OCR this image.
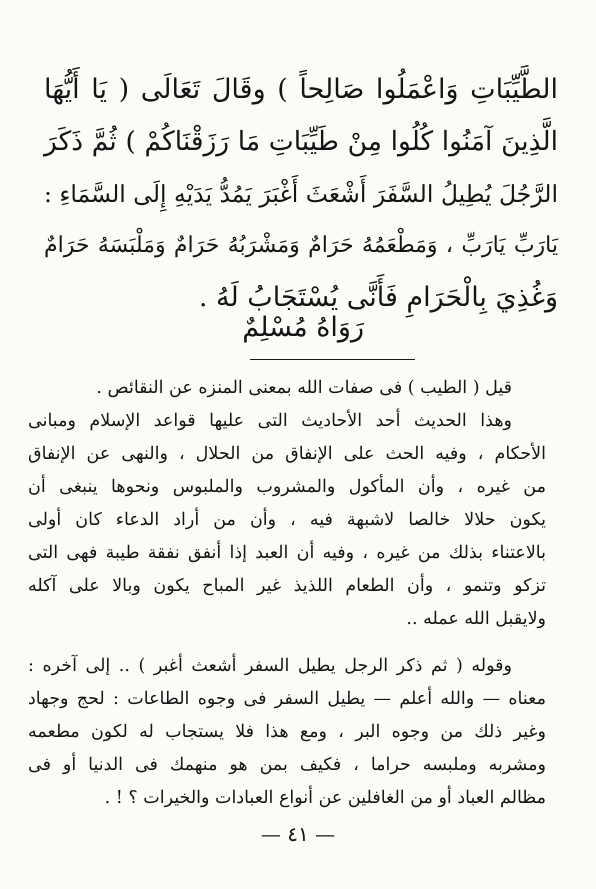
الطَّيِّبَاتِ وَاعْمَلُوا صَالِحاً ) وقَالَ تَعَالَى ( يَا أَيُّهَا
الَّذِينَ آمَنُوا كُلُوا مِنْ طَيِّبَاتِ مَا رَزَقْنَاكُمْ ) ثُمَّ ذَكَرَ
الرَّجُلَ يُطِيلُ السَّفَرَ أَشْعَثَ أَغْبَرَ يَمُدُّ يَدَيْهِ إِلَى السَّمَاءِ :
يَارَبِّ يَارَبِّ ، وَمَطْعَمُهُ حَرَامٌ وَمَشْرَبُهُ حَرَامٌ وَمَلْبَسَهُ حَرَامٌ
وَغُذِيَ بِالْحَرَامِ فَأَنَّى يُسْتَجَابُ لَهُ .
رَوَاهُ مُسْلِمٌ
قيل ( الطيب ) فى صفات الله بمعنى المنزه عن النقائص .
وهذا الحديث أحد الأحاديث التى عليها قواعد الإسلام ومبانى
الأحكام ، وفيه الحث على الإنفاق من الحلال ، والنهى عن الإنفاق
من غيره ، وأن المأكول والمشروب والملبوس ونحوها ينبغى أن
يكون حلالا خالصا لاشبهة فيه ، وأن من أراد الدعاء كان أولى
بالاعتناء بذلك من غيره ، وفيه أن العبد إذا أنفق نفقة طيبة فهى التى
تزكو وتنمو ، وأن الطعام اللذيذ غير المباح يكون وبالا على آكله
ولايقبل الله عمله ..
وقوله ( ثم ذكر الرجل يطيل السفر أشعث أغبر ) .. إلى آخره :
معناه — والله أعلم — يطيل السفر فى وجوه الطاعات : لحج وجهاد
وغير ذلك من وجوه البر ، ومع هذا فلا يستجاب له لكون مطعمه
ومشربه وملبسه حراما ، فكيف بمن هو منهمك فى الدنيا أو فى
مظالم العباد أو من الغافلين عن أنواع العبادات والخيرات ؟ ! .
— ٤١ —
